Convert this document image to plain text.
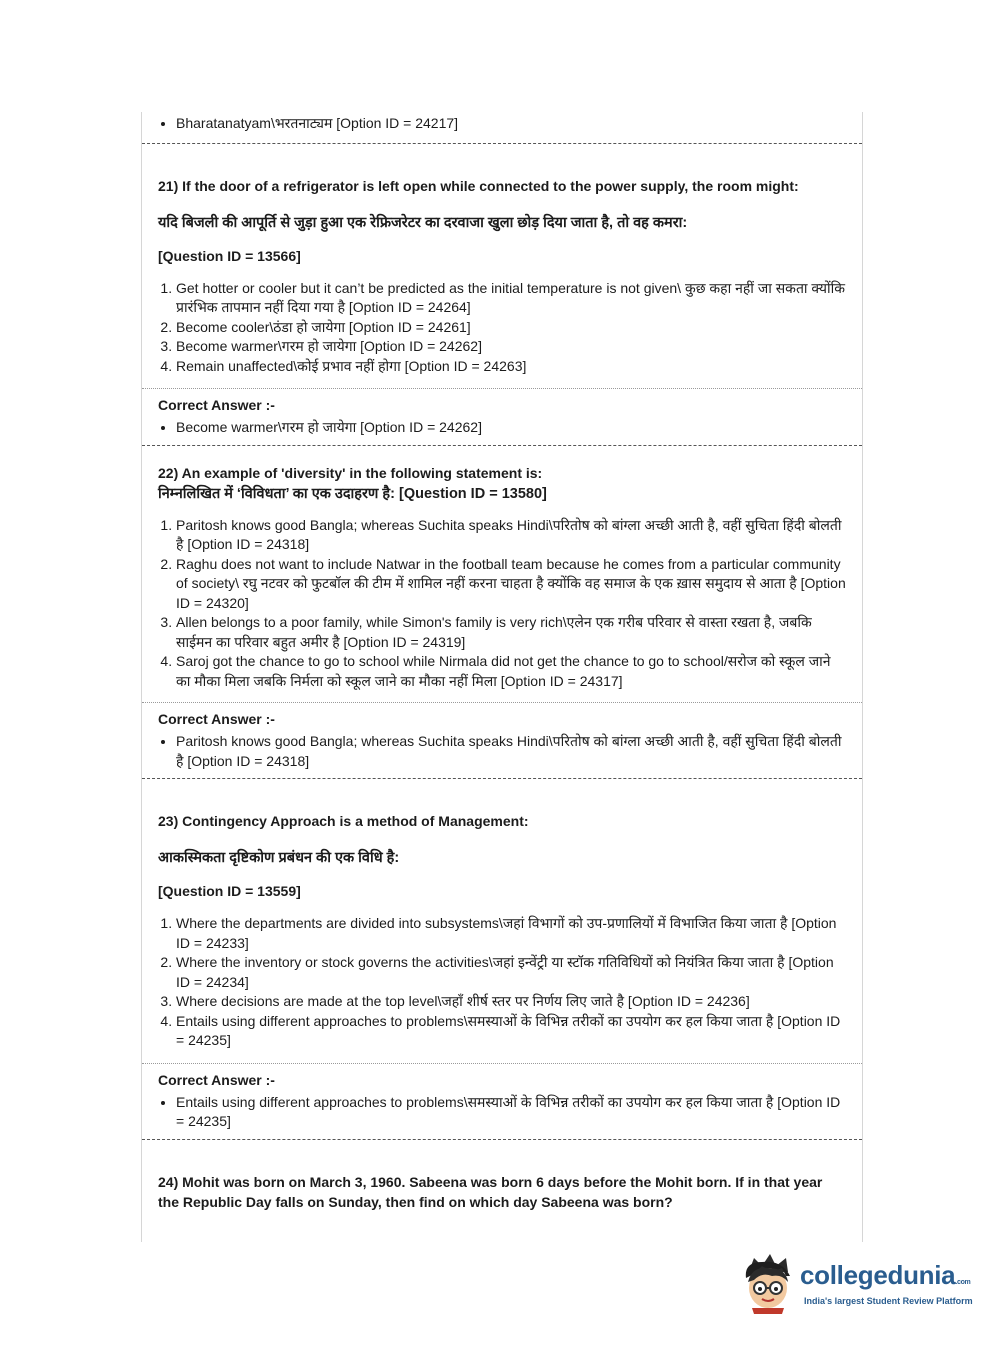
• Bharatanatyam\भरतनाट्यम [Option ID = 24217]

21) If the door of a refrigerator is left open while connected to the power supply, the room might:

यदि बिजली की आपूर्ति से जुड़ा हुआ एक रेफ्रिजरेटर का दरवाजा खुला छोड़ दिया जाता है, तो वह कमरा:

[Question ID = 13566]

1. Get hotter or cooler but it can’t be predicted as the initial temperature is not given\ कुछ कहा नहीं जा सकता क्योंकि प्रारंभिक तापमान नहीं दिया गया है [Option ID = 24264]
2. Become cooler\ठंडा हो जायेगा [Option ID = 24261]
3. Become warmer\गरम हो जायेगा [Option ID = 24262]
4. Remain unaffected\कोई प्रभाव नहीं होगा [Option ID = 24263]

Correct Answer :-

• Become warmer\गरम हो जायेगा [Option ID = 24262]

22) An example of 'diversity' in the following statement is:

निम्नलिखित में ‘विविधता’ का एक उदाहरण है: [Question ID = 13580]

1. Paritosh knows good Bangla; whereas Suchita speaks Hindi\परितोष को बांग्ला अच्छी आती है, वहीं सुचिता हिंदी बोलती है [Option ID = 24318]
2. Raghu does not want to include Natwar in the football team because he comes from a particular community of society\ रघु नटवर को फुटबॉल की टीम में शामिल नहीं करना चाहता है क्योंकि वह समाज के एक ख़ास समुदाय से आता है [Option ID = 24320]
3. Allen belongs to a poor family, while Simon's family is very rich\एलेन एक गरीब परिवार से वास्ता रखता है, जबकि साईमन का परिवार बहुत अमीर है [Option ID = 24319]
4. Saroj got the chance to go to school while Nirmala did not get the chance to go to school/सरोज को स्कूल जाने का मौका मिला जबकि निर्मला को स्कूल जाने का मौका नहीं मिला [Option ID = 24317]

Correct Answer :-

• Paritosh knows good Bangla; whereas Suchita speaks Hindi\परितोष को बांग्ला अच्छी आती है, वहीं सुचिता हिंदी बोलती है [Option ID = 24318]

23) Contingency Approach is a method of Management:

आकस्मिकता दृष्टिकोण प्रबंधन की एक विधि है:

[Question ID = 13559]

1. Where the departments are divided into subsystems\जहां विभागों को उप-प्रणालियों में विभाजित किया जाता है [Option ID = 24233]
2. Where the inventory or stock governs the activities\जहां इन्वेंट्री या स्टॉक गतिविधियों को नियंत्रित किया जाता है [Option ID = 24234]
3. Where decisions are made at the top level\जहाँ शीर्ष स्तर पर निर्णय लिए जाते है [Option ID = 24236]
4. Entails using different approaches to problems\समस्याओं के विभिन्न तरीकों का उपयोग कर हल किया जाता है [Option ID = 24235]

Correct Answer :-

• Entails using different approaches to problems\समस्याओं के विभिन्न तरीकों का उपयोग कर हल किया जाता है [Option ID = 24235]

24) Mohit was born on March 3, 1960. Sabeena was born 6 days before the Mohit born. If in that year the Republic Day falls on Sunday, then find on which day Sabeena was born?

collegedunia.com
India's largest Student Review Platform
